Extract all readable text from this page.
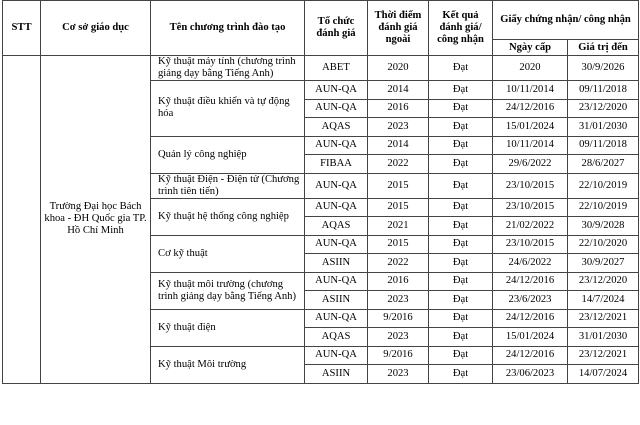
STT	Cơ sở giáo dục	Tên chương trình đào tạo	Tổ chức đánh giá	Thời điểm đánh giá ngoài	Kết quả đánh giá/ công nhận	Giấy chứng nhận/ công nhận	
						Ngày cấp	Giá trị đến
	Trường Đại học Bách khoa - ĐH Quốc gia TP. Hồ Chí Minh	Kỹ thuật máy tính (chương trình giảng dạy bằng Tiếng Anh)	ABET	2020	Đạt	2020	30/9/2026
		Kỹ thuật điều khiển và tự động hóa	AUN-QA	2014	Đạt	10/11/2014	09/11/2018
			AUN-QA	2016	Đạt	24/12/2016	23/12/2020
			AQAS	2023	Đạt	15/01/2024	31/01/2030
		Quản lý công nghiệp	AUN-QA	2014	Đạt	10/11/2014	09/11/2018
			FIBAA	2022	Đạt	29/6/2022	28/6/2027
		Kỹ thuật Điện - Điện tử (Chương trình tiên tiến)	AUN-QA	2015	Đạt	23/10/2015	22/10/2019
		Kỹ thuật hệ thống công nghiệp	AUN-QA	2015	Đạt	23/10/2015	22/10/2019
			AQAS	2021	Đạt	21/02/2022	30/9/2028
		Cơ kỹ thuật	AUN-QA	2015	Đạt	23/10/2015	22/10/2020
			ASIIN	2022	Đạt	24/6/2022	30/9/2027
		Kỹ thuật môi trường (chương trình giảng dạy bằng Tiếng Anh)	AUN-QA	2016	Đạt	24/12/2016	23/12/2020
			ASIIN	2023	Đạt	23/6/2023	14/7/2024
		Kỹ thuật điện	AUN-QA	9/2016	Đạt	24/12/2016	23/12/2021
			AQAS	2023	Đạt	15/01/2024	31/01/2030
		Kỹ thuật Môi trường	AUN-QA	9/2016	Đạt	24/12/2016	23/12/2021
			ASIIN	2023	Đạt	23/06/2023	14/07/2024
